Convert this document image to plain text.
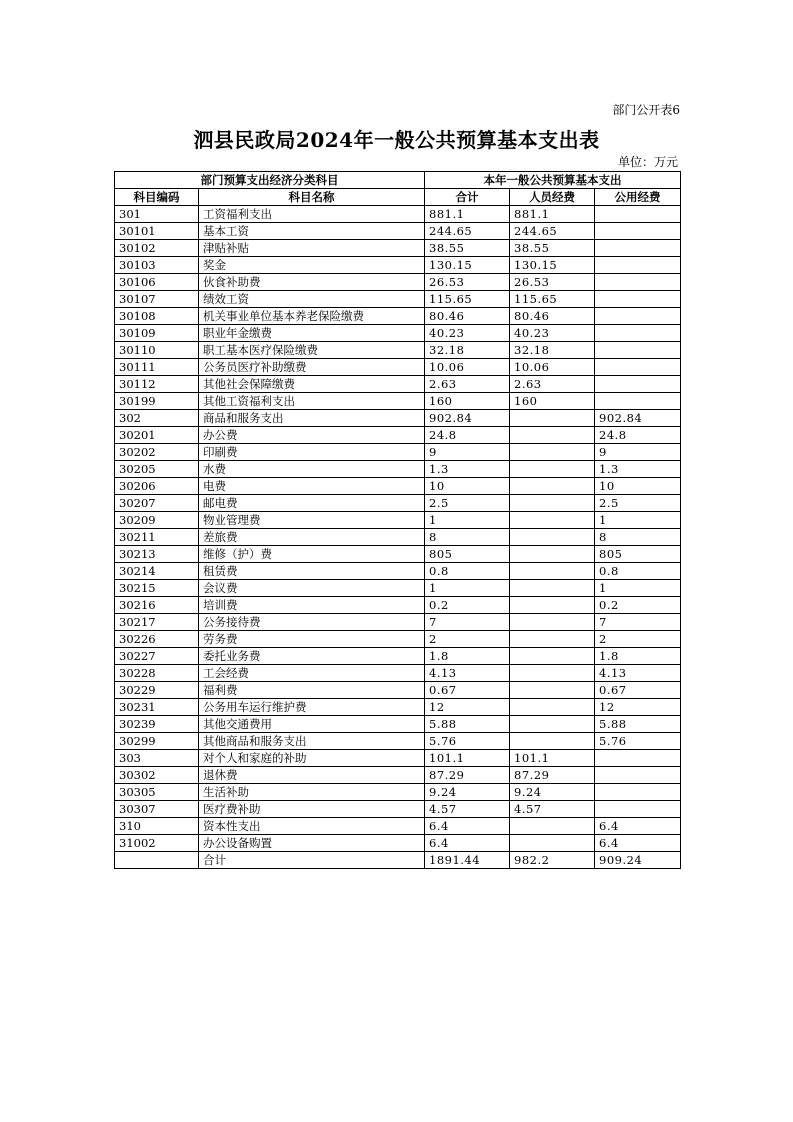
部门公开表6
泗县民政局2024年一般公共预算基本支出表
单位：万元
部门预算支出经济分类科目		本年一般公共预算基本支出		
科目编码	科目名称	合计	人员经费	公用经费
301	工资福利支出	881.1	881.1	
30101	基本工资	244.65	244.65	
30102	津贴补贴	38.55	38.55	
30103	奖金	130.15	130.15	
30106	伙食补助费	26.53	26.53	
30107	绩效工资	115.65	115.65	
30108	机关事业单位基本养老保险缴费	80.46	80.46	
30109	职业年金缴费	40.23	40.23	
30110	职工基本医疗保险缴费	32.18	32.18	
30111	公务员医疗补助缴费	10.06	10.06	
30112	其他社会保障缴费	2.63	2.63	
30199	其他工资福利支出	160	160	
302	商品和服务支出	902.84		902.84
30201	办公费	24.8		24.8
30202	印刷费	9		9
30205	水费	1.3		1.3
30206	电费	10		10
30207	邮电费	2.5		2.5
30209	物业管理费	1		1
30211	差旅费	8		8
30213	维修（护）费	805		805
30214	租赁费	0.8		0.8
30215	会议费	1		1
30216	培训费	0.2		0.2
30217	公务接待费	7		7
30226	劳务费	2		2
30227	委托业务费	1.8		1.8
30228	工会经费	4.13		4.13
30229	福利费	0.67		0.67
30231	公务用车运行维护费	12		12
30239	其他交通费用	5.88		5.88
30299	其他商品和服务支出	5.76		5.76
303	对个人和家庭的补助	101.1	101.1	
30302	退休费	87.29	87.29	
30305	生活补助	9.24	9.24	
30307	医疗费补助	4.57	4.57	
310	资本性支出	6.4		6.4
31002	办公设备购置	6.4		6.4
	合计	1891.44	982.2	909.24
